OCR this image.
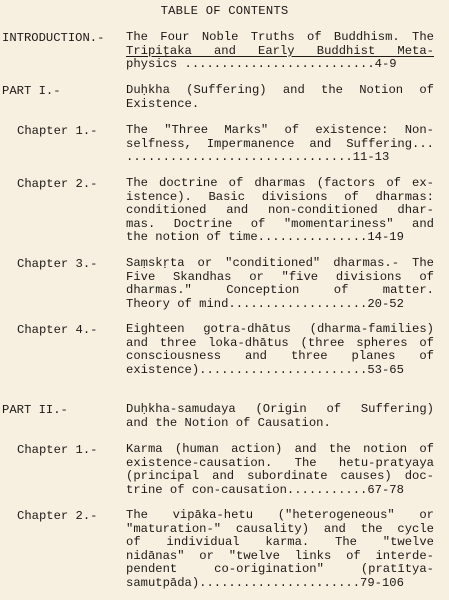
TABLE OF CONTENTS
INTRODUCTION.- The Four Noble Truths of Buddhism. The
Tripiṭaka and Early Buddhist Meta-
physics ..........................4-9
PART I.-	Duḥkha (Suffering) and the Notion of
Existence.
Chapter 1.- The "Three Marks" of existence: Non-
selfness, Impermanence and Suffering...
...............................11-13
Chapter 2.- The doctrine of dharmas (factors of ex-
istence). Basic divisions of dharmas:
conditioned and non-conditioned dhar-
mas. Doctrine of "momentariness" and
the notion of time...............14-19
Chapter 3.- Saṃskṛta or "conditioned" dharmas.- The
Five Skandhas or "five divisions of
dharmas." Conception of matter.
Theory of mind...................20-52
Chapter 4.- Eighteen gotra-dhātus (dharma-families)
and three loka-dhātus (three spheres of
consciousness and three planes of
existence).......................53-65
PART II.-	Duḥkha-samudaya (Origin of Suffering)
and the Notion of Causation.
Chapter 1.- Karma (human action) and the notion of
existence-causation. The hetu-pratyaya
(principal and subordinate causes) doc-
trine of con-causation...........67-78
Chapter 2.- The vipāka-hetu ("heterogeneous" or
"maturation-" causality) and the cycle
of individual karma. The "twelve
nidānas" or "twelve links of interde-
pendent co-origination" (pratītya-
samutpāda)......................79-106
